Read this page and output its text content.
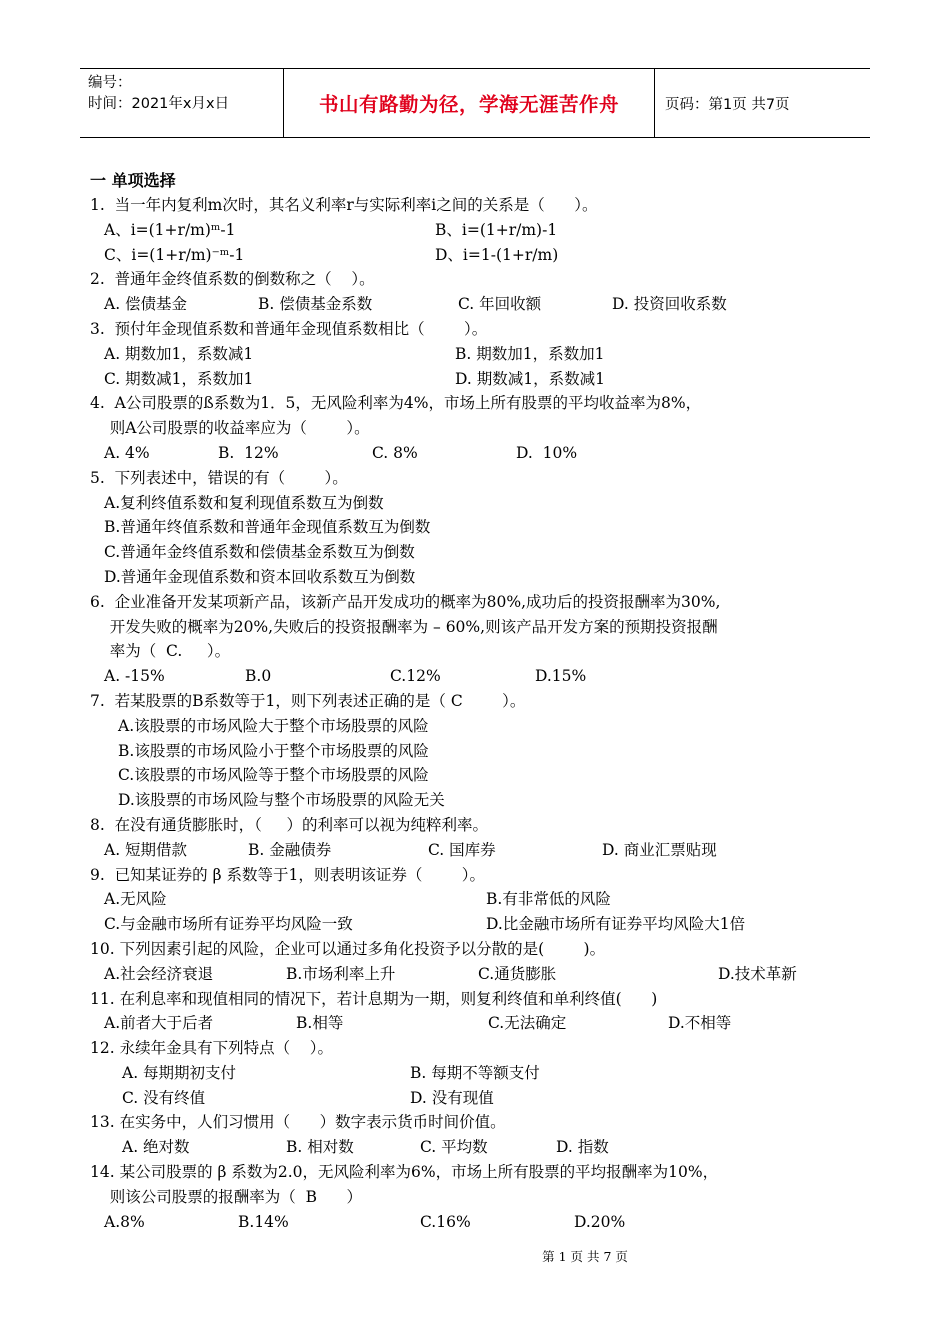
编号：
时间：2021年x月x日	书山有路勤为径，学海无涯苦作舟	页码：第1页 共7页
一 单项选择
1.  当一年内复利m次时，其名义利率r与实际利率i之间的关系是（      ）。
A、i=(1+r/m)ᵐ-1	B、i=(1+r/m)-1
C、i=(1+r/m)⁻ᵐ-1	D、i=1-(1+r/m)
2.  普通年金终值系数的倒数称之（    ）。
A. 偿债基金	B. 偿债基金系数	C. 年回收额	D. 投资回收系数
3.  预付年金现值系数和普通年金现值系数相比（        ）。
A. 期数加1，系数减1	B. 期数加1，系数加1
C. 期数减1，系数加1	D. 期数减1，系数减1
4.  A公司股票的ß系数为1．5，无风险利率为4%，市场上所有股票的平均收益率为8%，
则A公司股票的收益率应为（        ）。
A. 4%	B.  12%	C. 8%	D.  10%
5.  下列表述中，错误的有（        ）。
A.复利终值系数和复利现值系数互为倒数
B.普通年终值系数和普通年金现值系数互为倒数
C.普通年金终值系数和偿债基金系数互为倒数
D.普通年金现值系数和资本回收系数互为倒数
6.  企业准备开发某项新产品，该新产品开发成功的概率为80%,成功后的投资报酬率为30%,
开发失败的概率为20%,失败后的投资报酬率为 – 60%,则该产品开发方案的预期投资报酬
率为（  C.     ）。
A. -15%	B.0	C.12%	D.15%
7.  若某股票的Β系数等于1，则下列表述正确的是（ C        ）。
A.该股票的市场风险大于整个市场股票的风险
B.该股票的市场风险小于整个市场股票的风险
C.该股票的市场风险等于整个市场股票的风险
D.该股票的市场风险与整个市场股票的风险无关
8.  在没有通货膨胀时，（     ）的利率可以视为纯粹利率。
A. 短期借款	B. 金融债券	C. 国库券	D. 商业汇票贴现
9.  已知某证券的 β 系数等于1，则表明该证券（        ）。
A.无风险	B.有非常低的风险
C.与金融市场所有证券平均风险一致	D.比金融市场所有证券平均风险大1倍
10. 下列因素引起的风险，企业可以通过多角化投资予以分散的是(        )。
A.社会经济衰退	B.市场利率上升	C.通货膨胀	D.技术革新
11. 在利息率和现值相同的情况下，若计息期为一期，则复利终值和单利终值(      )
A.前者大于后者	B.相等	C.无法确定	D.不相等
12. 永续年金具有下列特点（    ）。
A. 每期期初支付	B. 每期不等额支付
C. 没有终值	D. 没有现值
13. 在实务中，人们习惯用（      ）数字表示货币时间价值。
A. 绝对数	B. 相对数	C. 平均数	D. 指数
14. 某公司股票的 β 系数为2.0，无风险利率为6%，市场上所有股票的平均报酬率为10%，
则该公司股票的报酬率为（  B      ）
A.8%	B.14%	C.16%	D.20%
第 1 页 共 7 页
